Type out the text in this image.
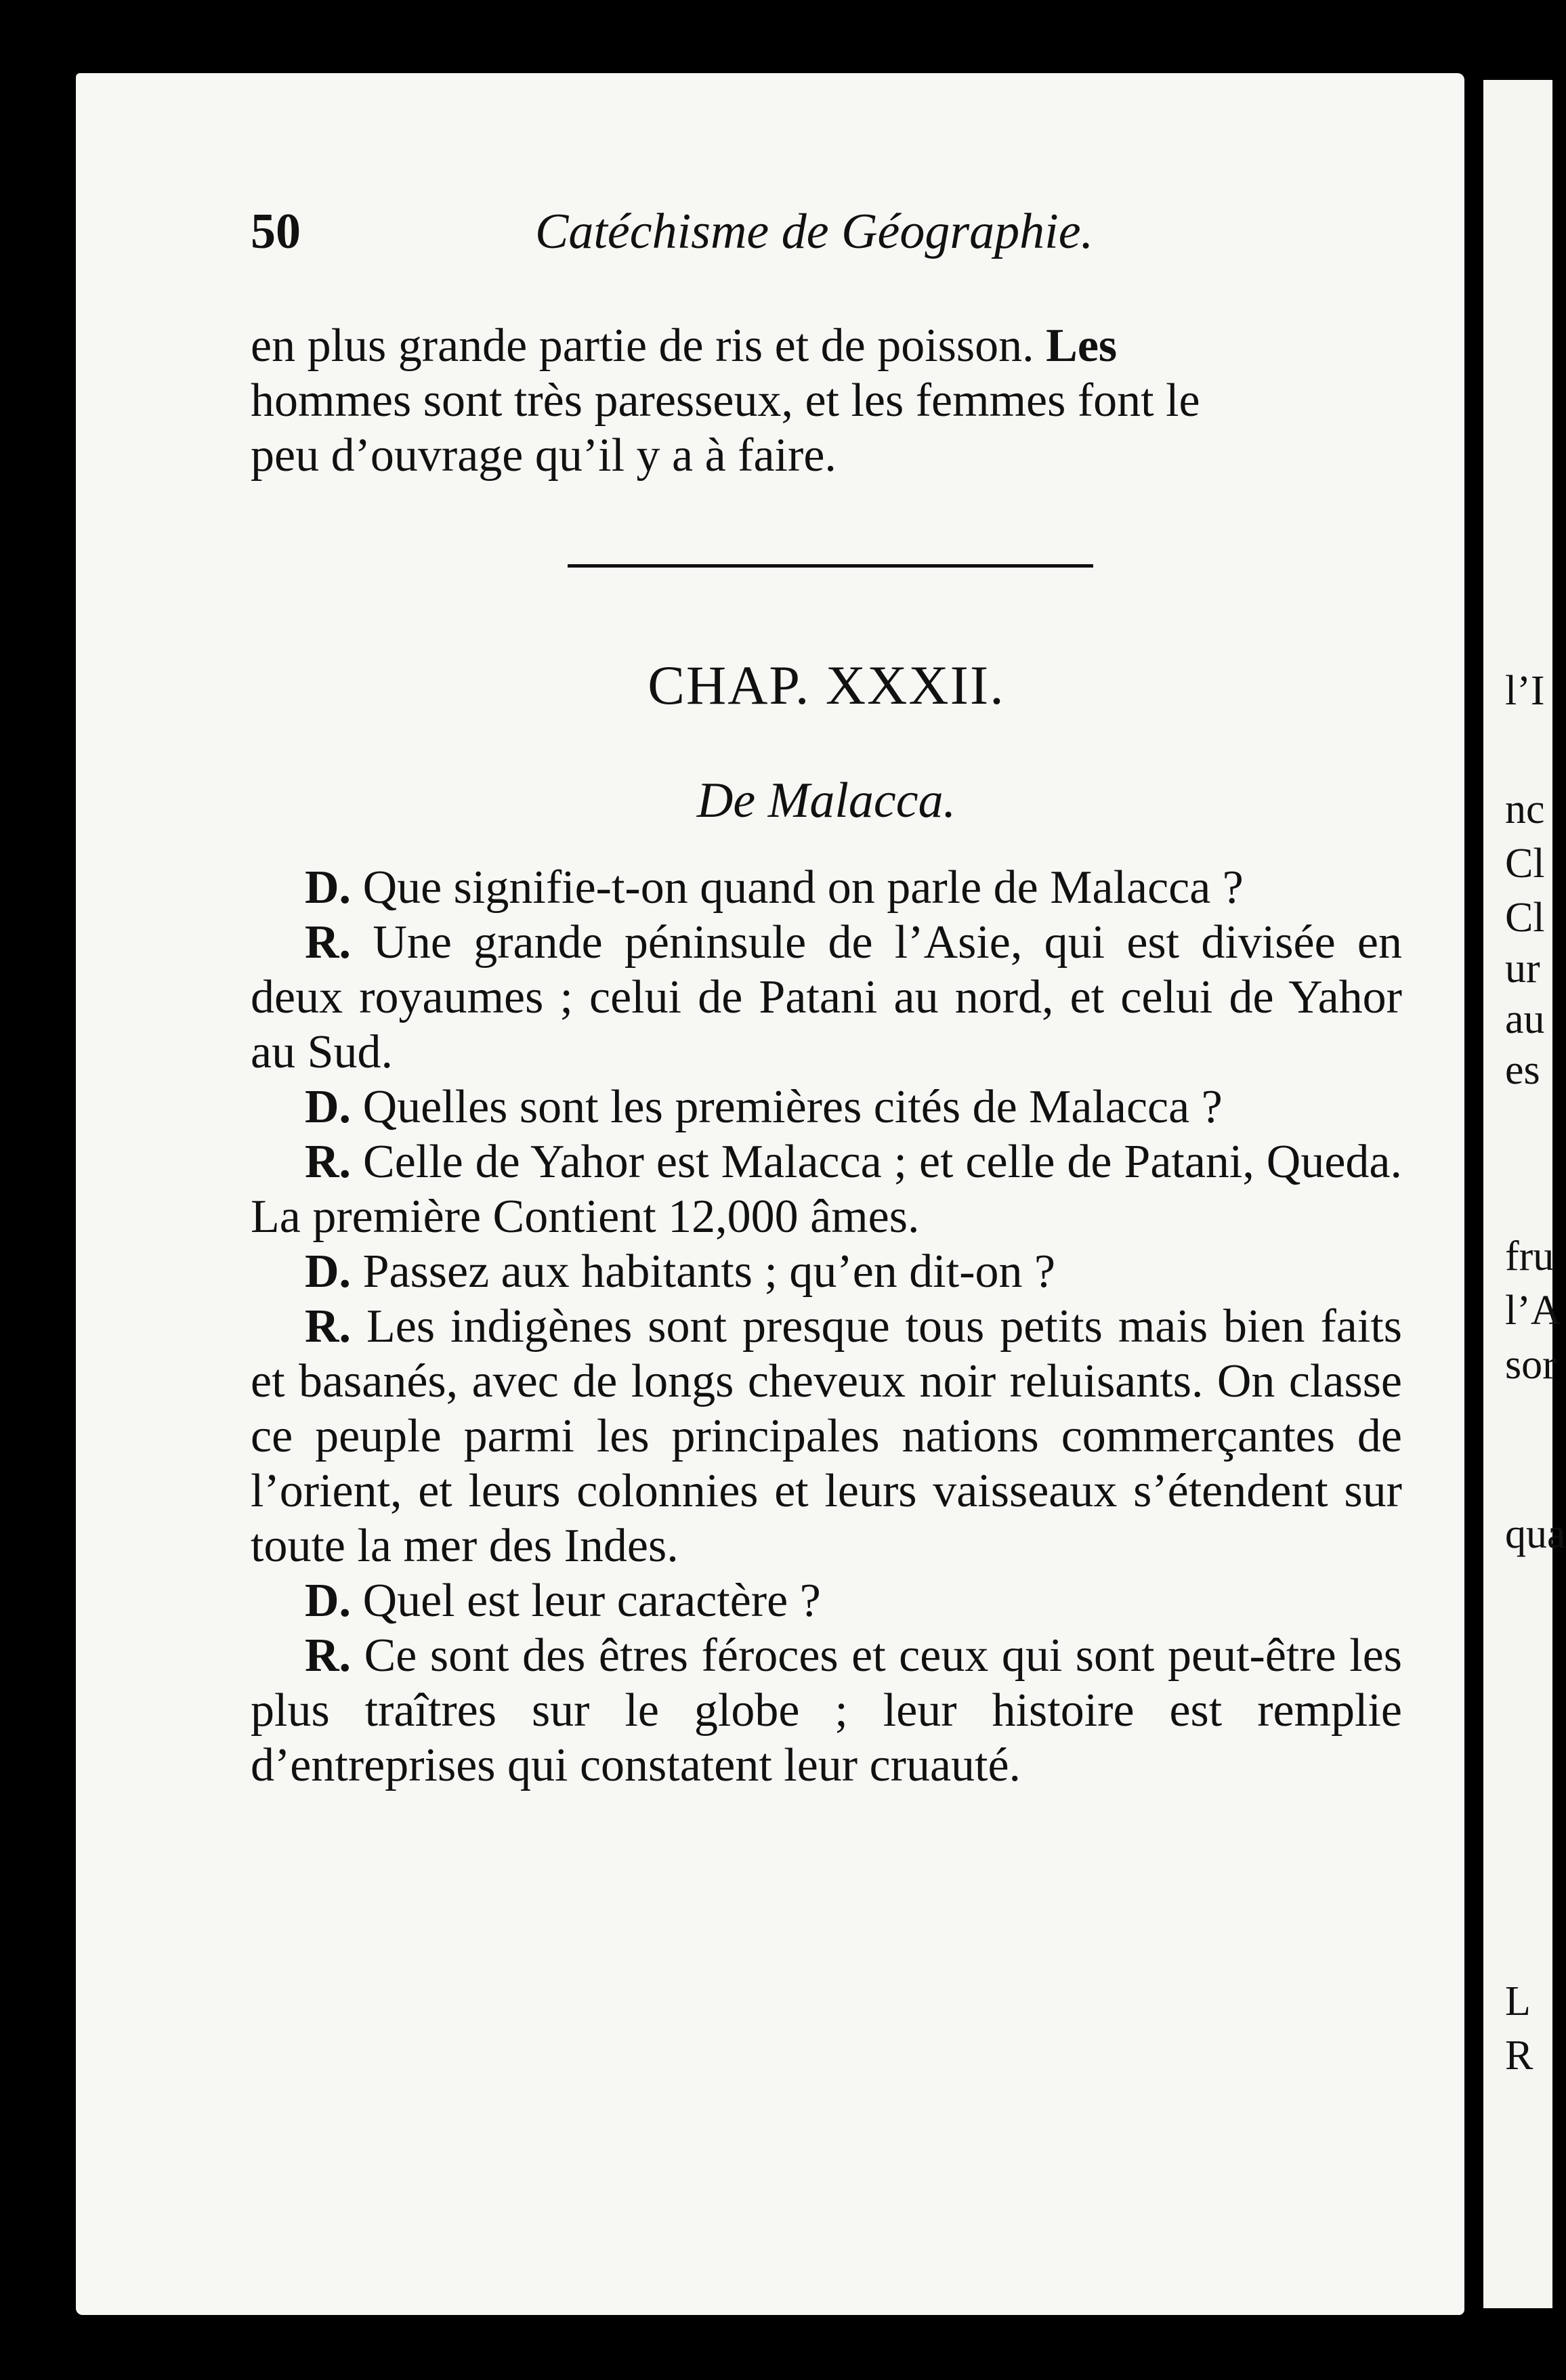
50	Catéchisme de Géographie.

en plus grande partie de ris et de poisson. Les

hommes sont très paresseux, et les femmes font le

peu d’ouvrage qu’il y a à faire.

CHAP. XXXII.
De Malacca.

D. Que signifie-t-on quand on parle de Malacca ?

R. Une grande péninsule de l’Asie, qui est divisée en deux royaumes ; celui de Patani au nord, et celui de Yahor au Sud.

D. Quelles sont les premières cités de Malacca ?

R. Celle de Yahor est Malacca ; et celle de Patani, Queda. La première Contient 12,000 âmes.

D. Passez aux habitants ; qu’en dit-on ?

R. Les indigènes sont presque tous petits mais bien faits et basanés, avec de longs cheveux noir reluisants. On classe ce peuple parmi les principales nations commerçantes de l’orient, et leurs colonnies et leurs vaisseaux s’étendent sur toute la mer des Indes.

D. Quel est leur caractère ?

R. Ce sont des êtres féroces et ceux qui sont peut-être les plus traîtres sur le globe ; leur histoire est remplie d’entreprises qui constatent leur cruauté.

l’I
nc
Cl
Cl
ur
au
es
fru
l’A
sor
qua
L
R
